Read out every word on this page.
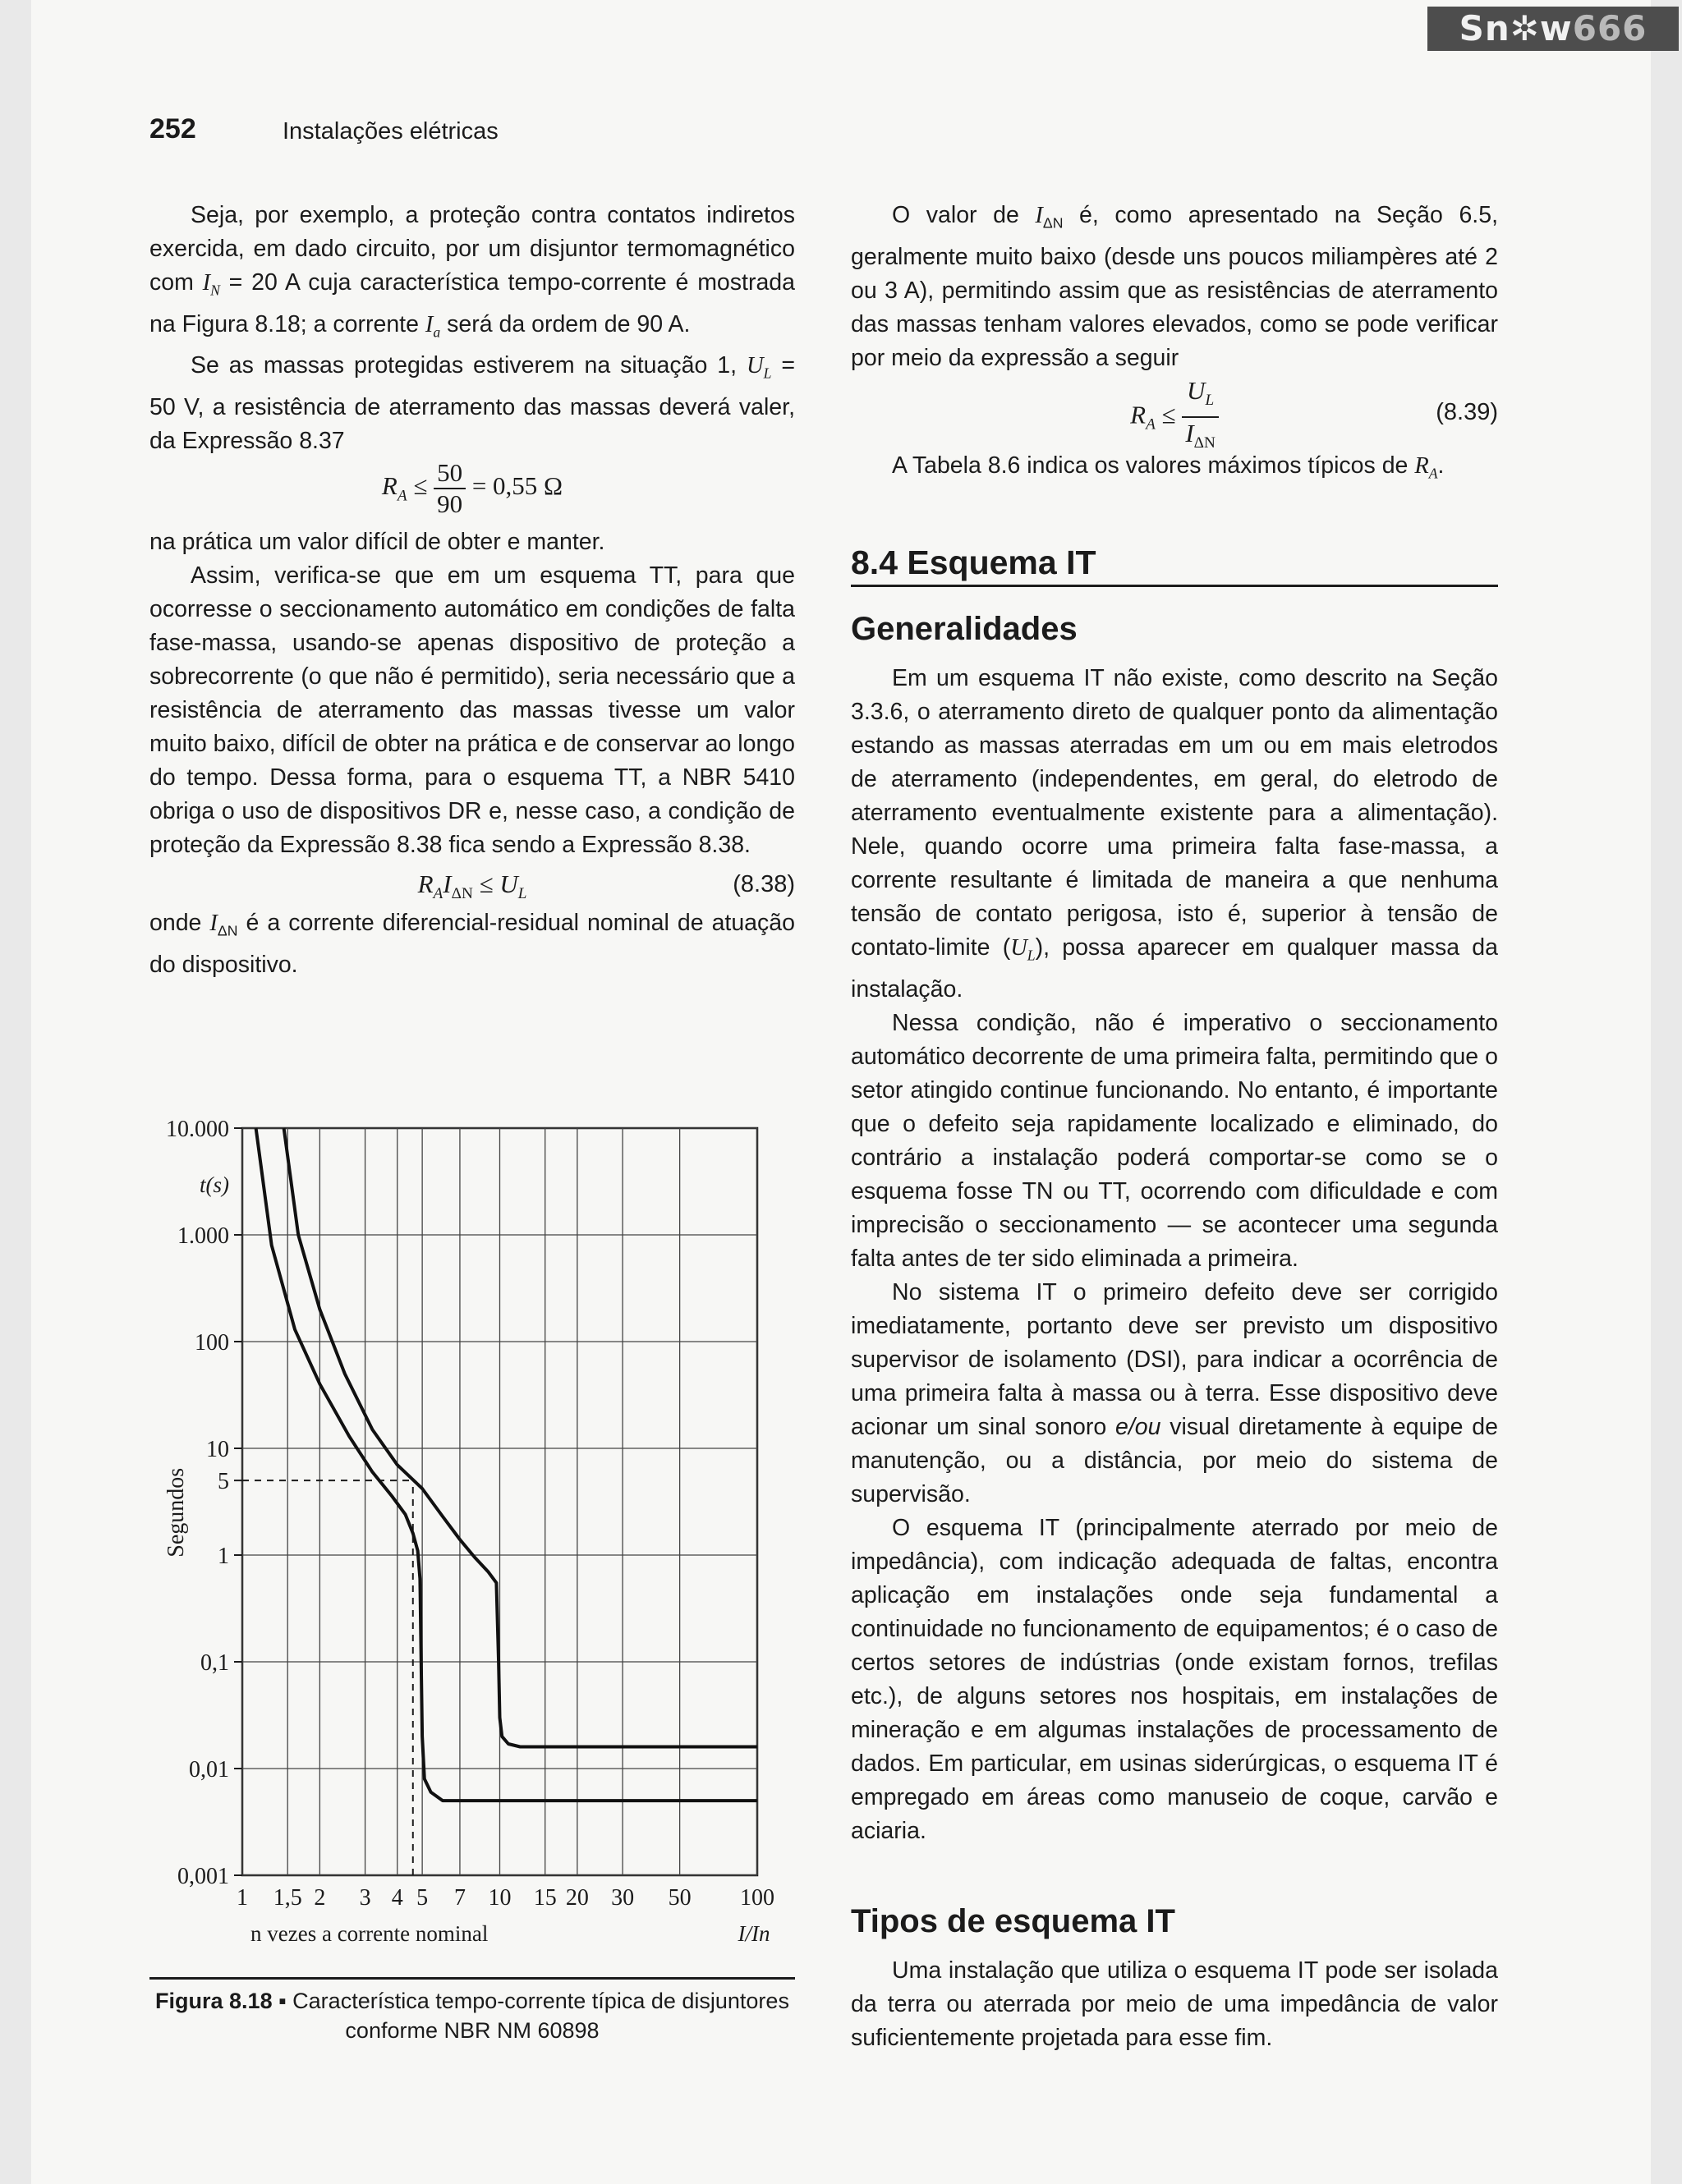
Sn✲w666
252	Instalações elétricas

Seja, por exemplo, a proteção contra contatos indiretos exercida, em dado circuito, por um disjuntor termomagnético com $I_N = 20$ A cuja característica tempo-corrente é mostrada na Figura 8.18; a corrente $I_a$ será da ordem de 90 A.

Se as massas protegidas estiverem na situação 1, $U_L = 50$ V, a resistência de aterramento das massas deverá valer, da Expressão 8.37

$R_A \le \frac{50}{90} = 0,55$ Ω

na prática um valor difícil de obter e manter.

Assim, verifica-se que em um esquema TT, para que ocorresse o seccionamento automático em condições de falta fase-massa, usando-se apenas dispositivo de proteção a sobrecorrente (o que não é permitido), seria necessário que a resistência de aterramento das massas tivesse um valor muito baixo, difícil de obter na prática e de conservar ao longo do tempo. Dessa forma, para o esquema TT, a NBR 5410 obriga o uso de dispositivos DR e, nesse caso, a condição de proteção da Expressão 8.38 fica sendo a Expressão 8.38.

$R_AI_{\Delta N} \le U_L$	(8.38)

onde $I_{\Delta N}$ é a corrente diferencial-residual nominal de atuação do dispositivo.

0,001
0,01
0,1
1
5
10
100
1.000
10.000
1 1,5 2 3 4 5 7 10 15 20 30 50 100
t(s)
Segundos
n vezes a corrente nominal	I/In
Figura 8.18 ▪ Característica tempo-corrente típica de disjuntores conforme NBR NM 60898

O valor de $I_{\Delta N}$ é, como apresentado na Seção 6.5, geralmente muito baixo (desde uns poucos miliampères até 2 ou 3 A), permitindo assim que as resistências de aterramento das massas tenham valores elevados, como se pode verificar por meio da expressão a seguir

$R_A \le \frac{U_L}{I_{\Delta N}}$	(8.39)

A Tabela 8.6 indica os valores máximos típicos de $R_A$.

8.4 Esquema IT
Generalidades

Em um esquema IT não existe, como descrito na Seção 3.3.6, o aterramento direto de qualquer ponto da alimentação estando as massas aterradas em um ou em mais eletrodos de aterramento (independentes, em geral, do eletrodo de aterramento eventualmente existente para a alimentação). Nele, quando ocorre uma primeira falta fase-massa, a corrente resultante é limitada de maneira a que nenhuma tensão de contato perigosa, isto é, superior à tensão de contato-limite $(U_L)$, possa aparecer em qualquer massa da instalação.

Nessa condição, não é imperativo o seccionamento automático decorrente de uma primeira falta, permitindo que o setor atingido continue funcionando. No entanto, é importante que o defeito seja rapidamente localizado e eliminado, do contrário a instalação poderá comportar-se como se o esquema fosse TN ou TT, ocorrendo com dificuldade e com imprecisão o seccionamento — se acontecer uma segunda falta antes de ter sido eliminada a primeira.

No sistema IT o primeiro defeito deve ser corrigido imediatamente, portanto deve ser previsto um dispositivo supervisor de isolamento (DSI), para indicar a ocorrência de uma primeira falta à massa ou à terra. Esse dispositivo deve acionar um sinal sonoro e/ou visual diretamente à equipe de manutenção, ou a distância, por meio do sistema de supervisão.

O esquema IT (principalmente aterrado por meio de impedância), com indicação adequada de faltas, encontra aplicação em instalações onde seja fundamental a continuidade no funcionamento de equipamentos; é o caso de certos setores de indústrias (onde existam fornos, trefilas etc.), de alguns setores nos hospitais, em instalações de mineração e em algumas instalações de processamento de dados. Em particular, em usinas siderúrgicas, o esquema IT é empregado em áreas como manuseio de coque, carvão e aciaria.

Tipos de esquema IT

Uma instalação que utiliza o esquema IT pode ser isolada da terra ou aterrada por meio de uma impedância de valor suficientemente projetada para esse fim.
